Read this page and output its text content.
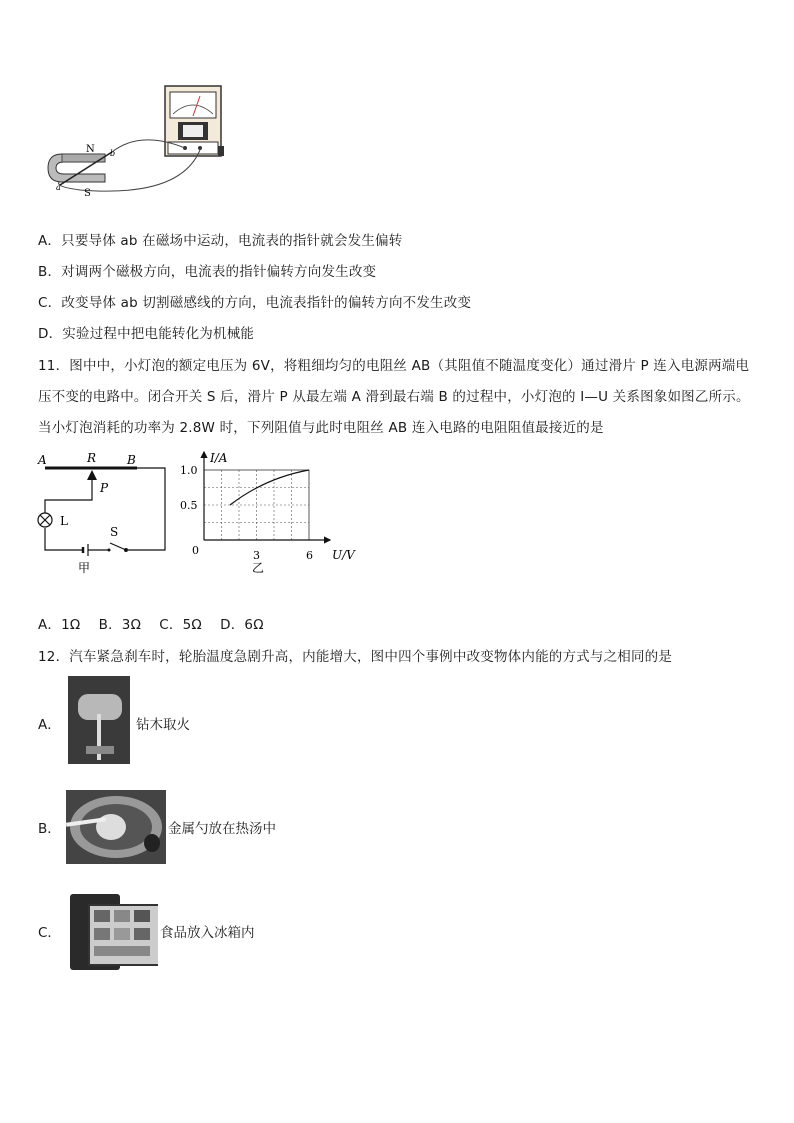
N
S
a
b
A．只要导体 ab 在磁场中运动，电流表的指针就会发生偏转
B．对调两个磁极方向，电流表的指针偏转方向发生改变
C．改变导体 ab 切割磁感线的方向，电流表指针的偏转方向不发生改变
D．实验过程中把电能转化为机械能
11．图中中，小灯泡的额定电压为 6V，将粗细均匀的电阻丝 AB（其阻值不随温度变化）通过滑片 P 连入电源两端电
压不变的电路中。闭合开关 S 后，滑片 P 从最左端 A 滑到最右端 B 的过程中，小灯泡的 I—U 关系图象如图乙所示。
当小灯泡消耗的功率为 2.8W 时，下列阻值与此时电阻丝 AB 连入电路的电阻阻值最接近的是
A	R	B
P
L
S
甲
I/A
U/V
1.0
0.5
0	3	6
乙
A．1Ω　 B．3Ω　 C．5Ω　 D．6Ω
12．汽车紧急刹车时，轮胎温度急剧升高，内能增大，图中四个事例中改变物体内能的方式与之相同的是
A．	钻木取火
B．	金属勺放在热汤中
C．	食品放入冰箱内
